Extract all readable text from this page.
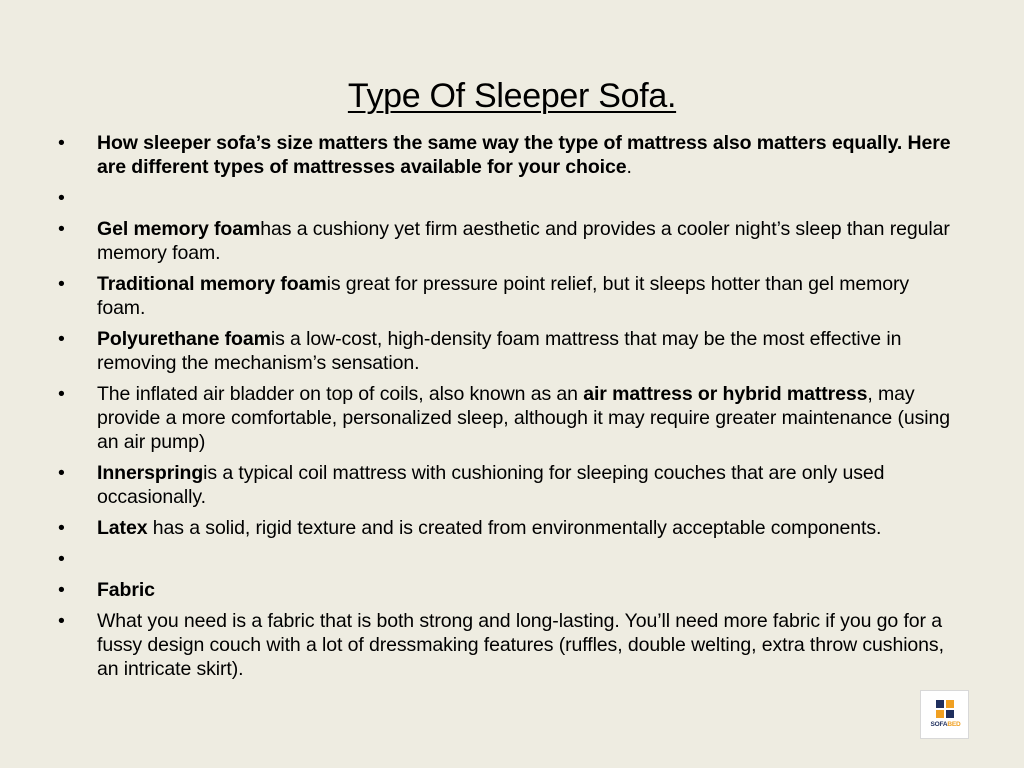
Type Of Sleeper Sofa.
• How sleeper sofa’s size matters the same way the type of mattress also matters equally. Here are different types of mattresses available for your choice.
•
• Gel memory foamhas a cushiony yet firm aesthetic and provides a cooler night’s sleep than regular memory foam.
• Traditional memory foamis great for pressure point relief, but it sleeps hotter than gel memory foam.
• Polyurethane foamis a low-cost, high-density foam mattress that may be the most effective in removing the mechanism’s sensation.
• The inflated air bladder on top of coils, also known as an air mattress or hybrid mattress, may provide a more comfortable, personalized sleep, although it may require greater maintenance (using an air pump)
• Innerspringis a typical coil mattress with cushioning for sleeping couches that are only used occasionally.
• Latex has a solid, rigid texture and is created from environmentally acceptable components.
•
• Fabric
• What you need is a fabric that is both strong and long-lasting. You’ll need more fabric if you go for a fussy design couch with a lot of dressmaking features (ruffles, double welting, extra throw cushions, an intricate skirt).
SOFABED
